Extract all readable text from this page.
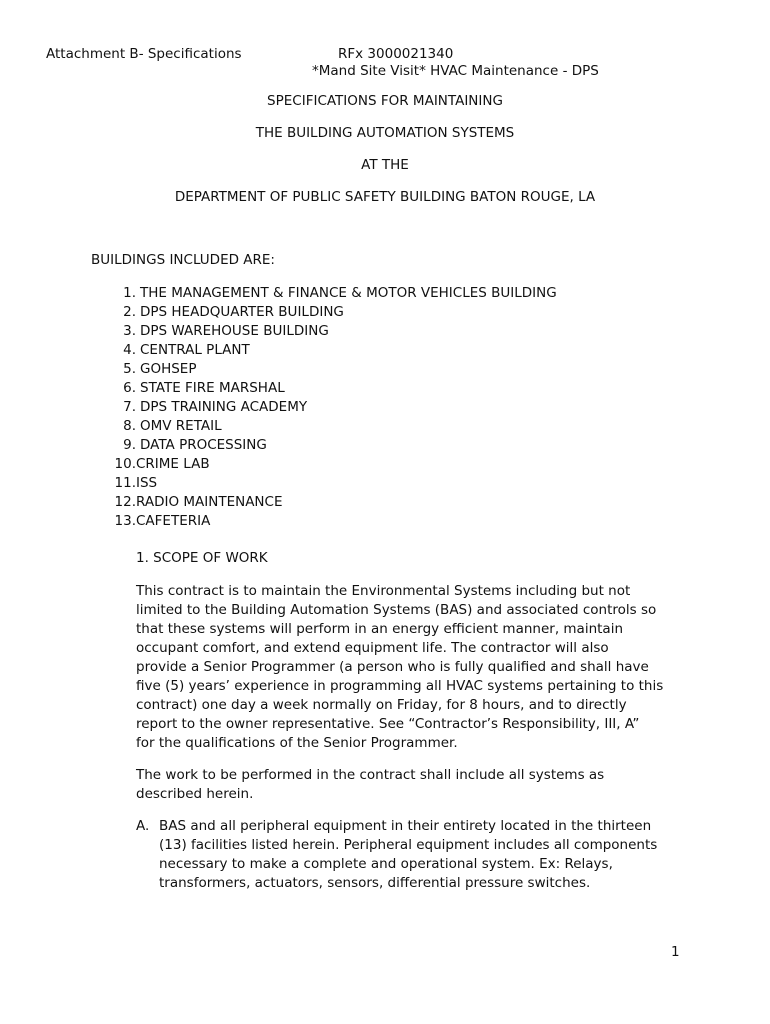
Attachment B- Specifications	RFx 3000021340
*Mand Site Visit* HVAC Maintenance - DPS
SPECIFICATIONS FOR MAINTAINING
THE BUILDING AUTOMATION SYSTEMS
AT THE
DEPARTMENT OF PUBLIC SAFETY BUILDING BATON ROUGE, LA
BUILDINGS INCLUDED ARE:
1. THE MANAGEMENT & FINANCE & MOTOR VEHICLES BUILDING
2. DPS HEADQUARTER BUILDING
3. DPS WAREHOUSE BUILDING
4. CENTRAL PLANT
5. GOHSEP
6. STATE FIRE MARSHAL
7. DPS TRAINING ACADEMY
8. OMV RETAIL
9. DATA PROCESSING
10. CRIME LAB
11. ISS
12. RADIO MAINTENANCE
13. CAFETERIA
1. SCOPE OF WORK
This contract is to maintain the Environmental Systems including but not
limited to the Building Automation Systems (BAS) and associated controls so
that these systems will perform in an energy efficient manner, maintain
occupant comfort, and extend equipment life. The contractor will also
provide a Senior Programmer (a person who is fully qualified and shall have
five (5) years’ experience in programming all HVAC systems pertaining to this
contract) one day a week normally on Friday, for 8 hours, and to directly
report to the owner representative. See “Contractor’s Responsibility, III, A”
for the qualifications of the Senior Programmer.
The work to be performed in the contract shall include all systems as
described herein.
A. BAS and all peripheral equipment in their entirety located in the thirteen
(13) facilities listed herein. Peripheral equipment includes all components
necessary to make a complete and operational system. Ex: Relays,
transformers, actuators, sensors, differential pressure switches.
1
